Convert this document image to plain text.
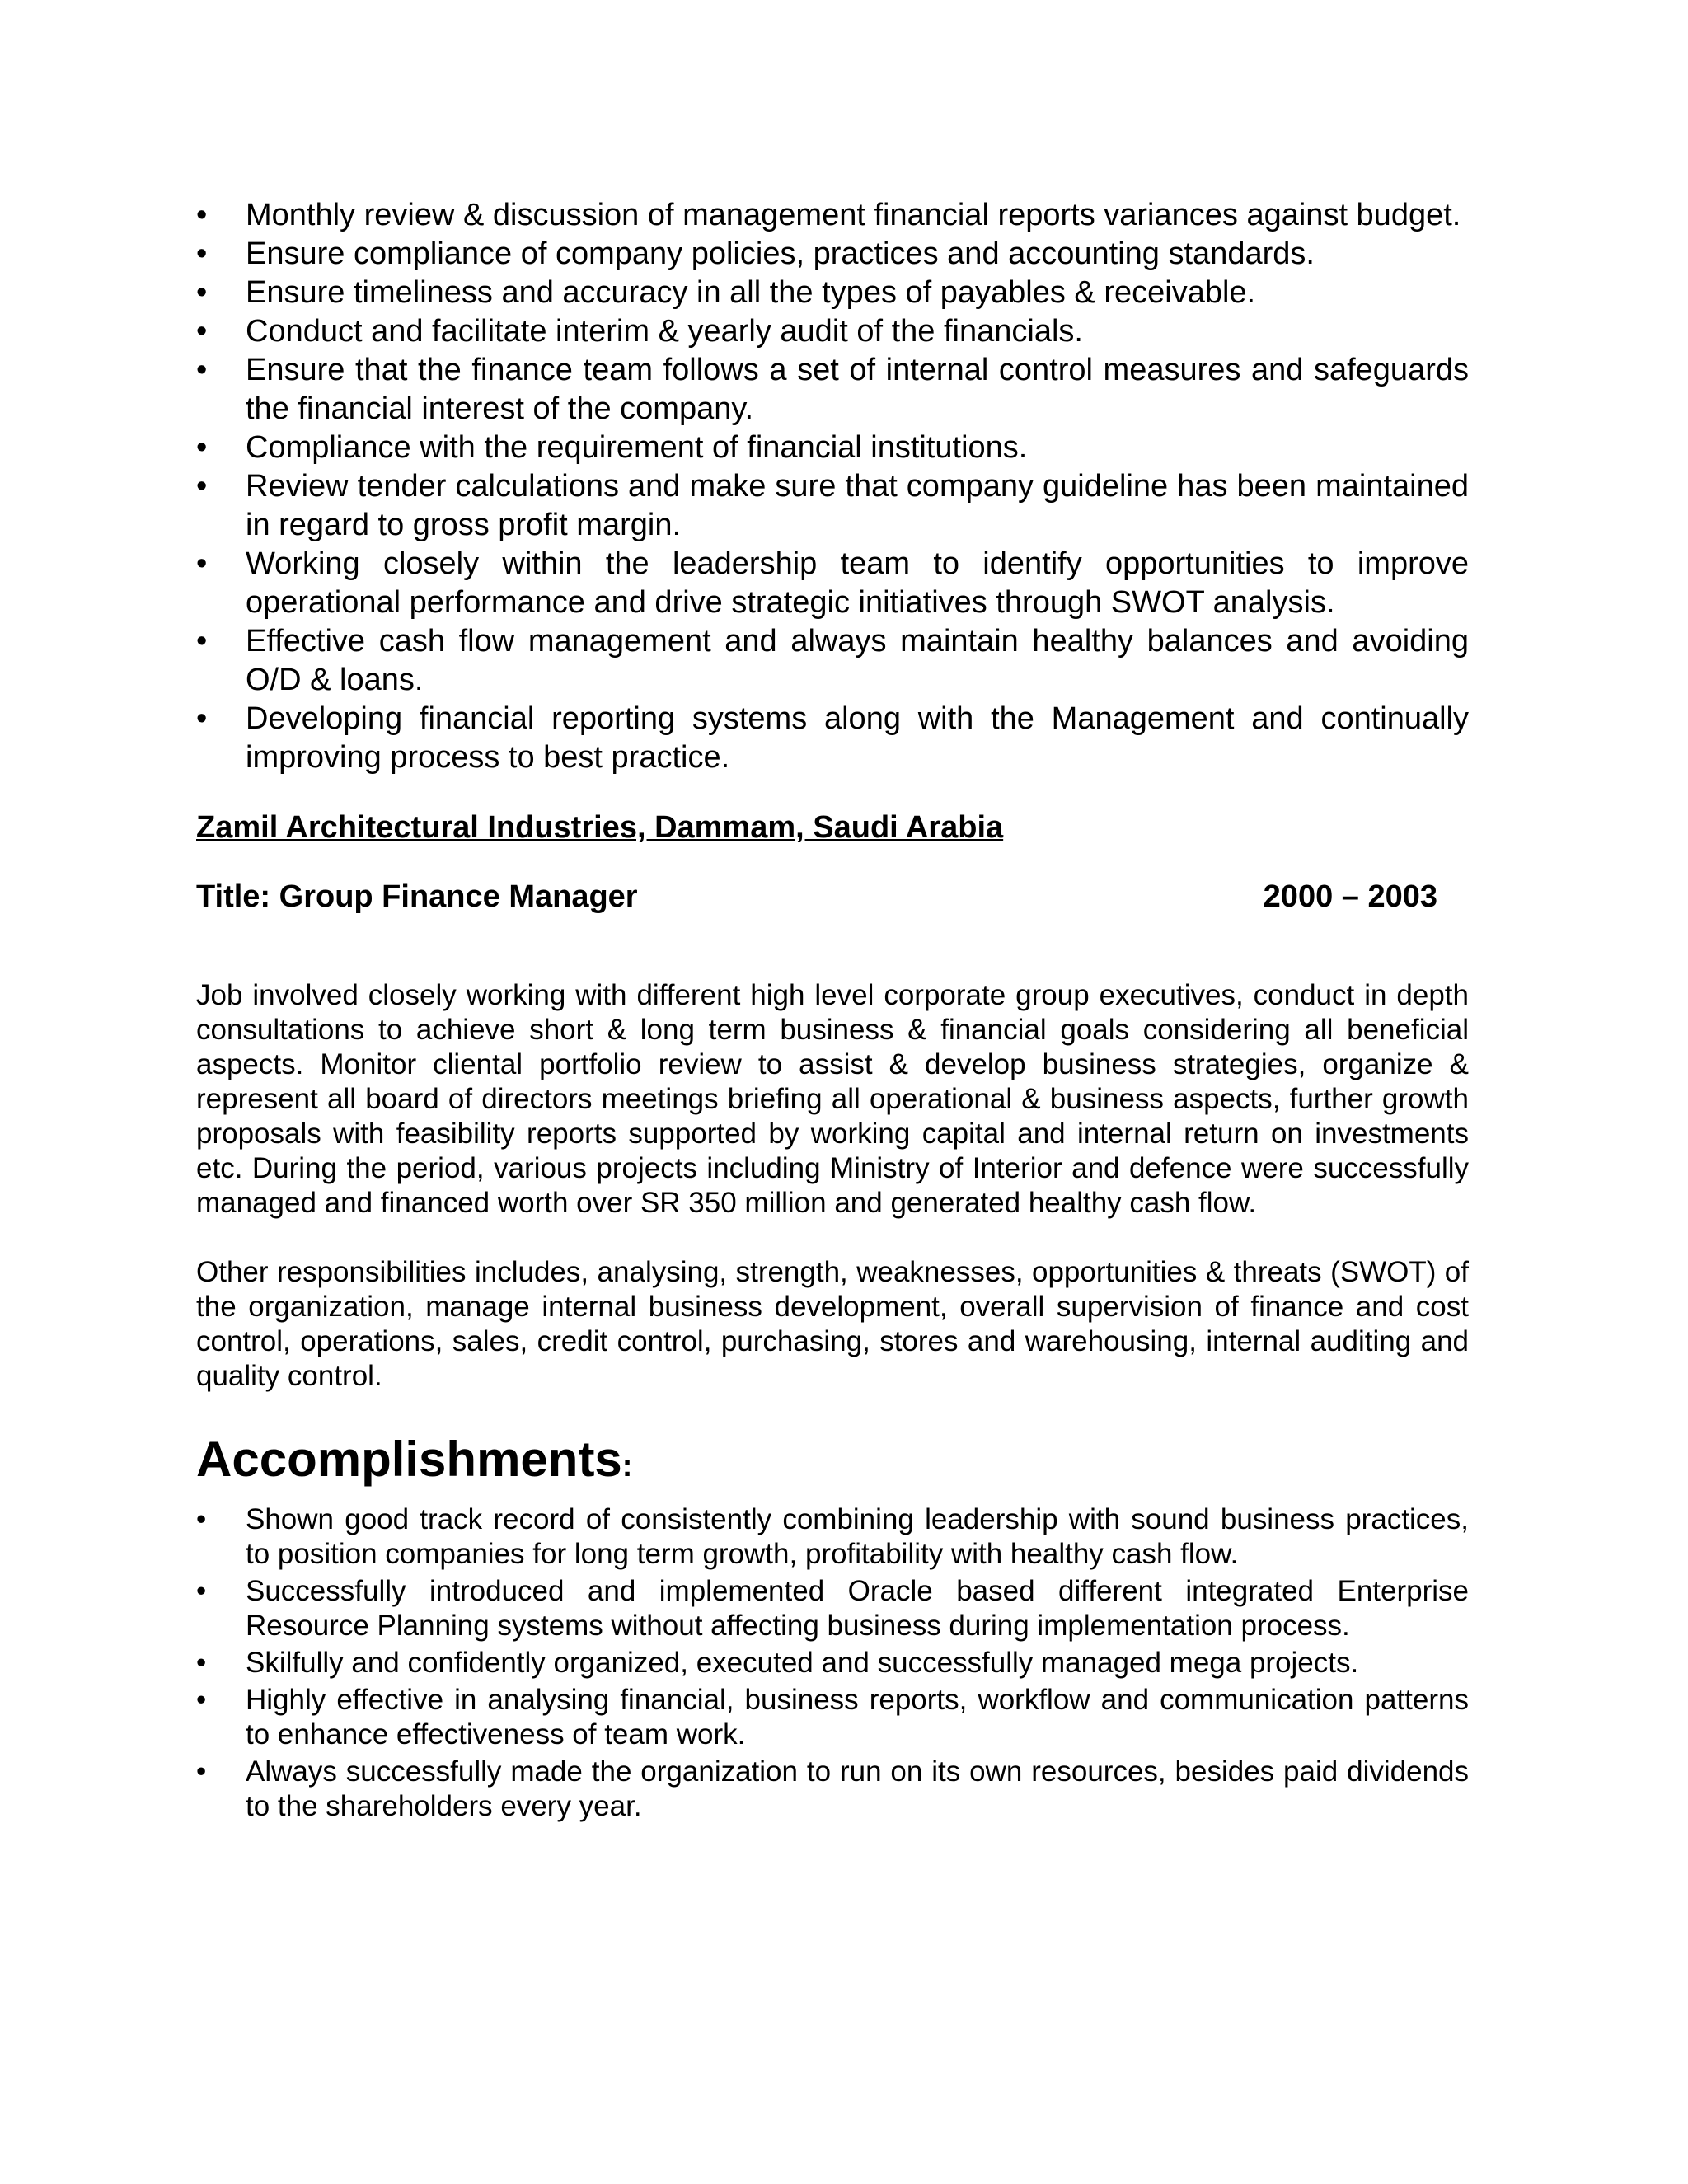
•	Monthly review & discussion of management financial reports variances against budget.
•	Ensure compliance of company policies, practices and accounting standards.
•	Ensure timeliness and accuracy in all the types of payables & receivable.
•	Conduct and facilitate interim & yearly audit of the financials.
•	Ensure that the finance team follows a set of internal control measures and safeguards the financial interest of the company.
•	Compliance with the requirement of financial institutions.
•	Review tender calculations and make sure that company guideline has been maintained in regard to gross profit margin.
•	Working closely within the leadership team to identify opportunities to improve operational performance and drive strategic initiatives through SWOT analysis.
•	Effective cash flow management and always maintain healthy balances and avoiding O/D & loans.
•	Developing financial reporting systems along with the Management and continually improving process to best practice.
Zamil Architectural Industries, Dammam, Saudi Arabia
Title: Group Finance Manager	2000 – 2003

Job involved closely working with different high level corporate group executives, conduct in depth consultations to achieve short & long term business & financial goals considering all beneficial aspects. Monitor cliental portfolio review to assist & develop business strategies, organize & represent all board of directors meetings briefing all operational & business aspects, further growth proposals with feasibility reports supported by working capital and internal return on investments etc. During the period, various projects including Ministry of Interior and defence were successfully managed and financed worth over SR 350 million and generated healthy cash flow.

Other responsibilities includes, analysing, strength, weaknesses, opportunities & threats (SWOT) of the organization, manage internal business development, overall supervision of finance and cost control, operations, sales, credit control, purchasing, stores and warehousing, internal auditing and quality control.

Accomplishments:
•	Shown good track record of consistently combining leadership with sound business practices, to position companies for long term growth, profitability with healthy cash flow.
•	Successfully introduced and implemented Oracle based different integrated Enterprise Resource Planning systems without affecting business during implementation process.
•	Skilfully and confidently organized, executed and successfully managed mega projects.
•	Highly effective in analysing financial, business reports, workflow and communication patterns to enhance effectiveness of team work.
•	Always successfully made the organization to run on its own resources, besides paid dividends to the shareholders every year.
